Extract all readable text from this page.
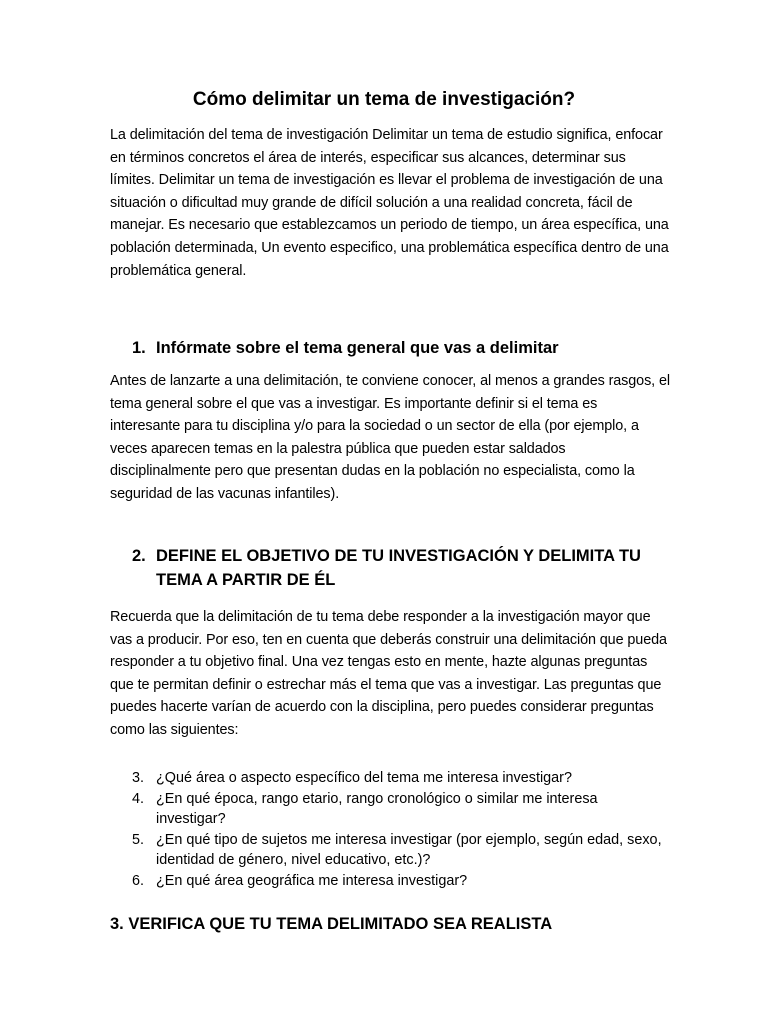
Cómo delimitar un tema de investigación?

La delimitación del tema de investigación Delimitar un tema de estudio significa, enfocar en términos concretos el área de interés, especificar sus alcances, determinar sus límites. Delimitar un tema de investigación es llevar el problema de investigación de una situación o dificultad muy grande de difícil solución a una realidad concreta, fácil de manejar. Es necesario que establezcamos un periodo de tiempo, un área específica, una población determinada, Un evento especifico, una problemática específica dentro de una problemática general.

1. Infórmate sobre el tema general que vas a delimitar

Antes de lanzarte a una delimitación, te conviene conocer, al menos a grandes rasgos, el tema general sobre el que vas a investigar. Es importante definir si el tema es interesante para tu disciplina y/o para la sociedad o un sector de ella (por ejemplo, a veces aparecen temas en la palestra pública que pueden estar saldados disciplinalmente pero que presentan dudas en la población no especialista, como la seguridad de las vacunas infantiles).

2. DEFINE EL OBJETIVO DE TU INVESTIGACIÓN Y DELIMITA TU TEMA A PARTIR DE ÉL

Recuerda que la delimitación de tu tema debe responder a la investigación mayor que vas a producir. Por eso, ten en cuenta que deberás construir una delimitación que pueda responder a tu objetivo final. Una vez tengas esto en mente, hazte algunas preguntas que te permitan definir o estrechar más el tema que vas a investigar. Las preguntas que puedes hacerte varían de acuerdo con la disciplina, pero puedes considerar preguntas como las siguientes:

3. ¿Qué área o aspecto específico del tema me interesa investigar?
4. ¿En qué época, rango etario, rango cronológico o similar me interesa investigar?
5. ¿En qué tipo de sujetos me interesa investigar (por ejemplo, según edad, sexo, identidad de género, nivel educativo, etc.)?
6. ¿En qué área geográfica me interesa investigar?
3. VERIFICA QUE TU TEMA DELIMITADO SEA REALISTA
